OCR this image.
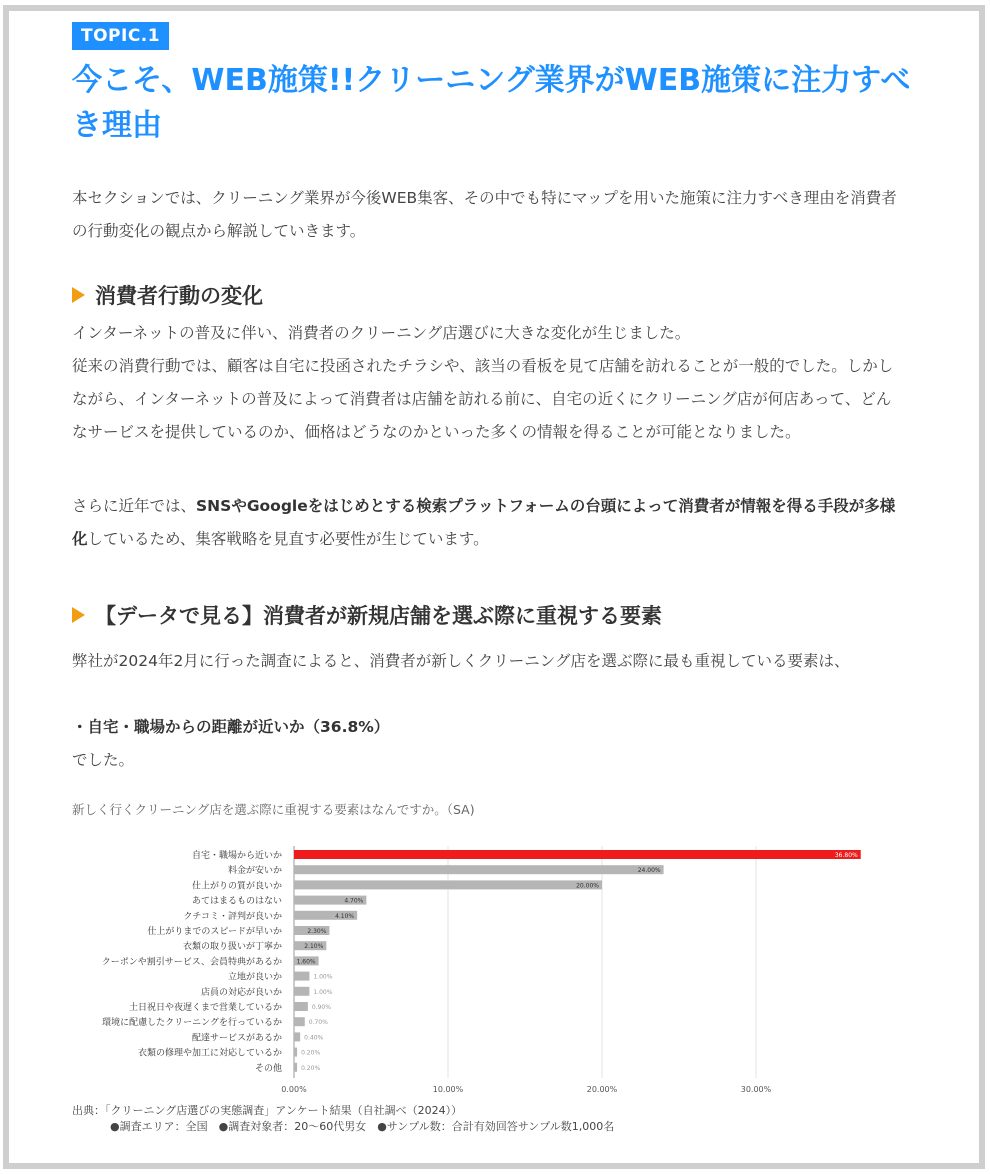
TOPIC.1
今こそ、WEB施策!!クリーニング業界がWEB施策に注力すべき理由

本セクションでは、クリーニング業界が今後WEB集客、その中でも特にマップを用いた施策に注力すべき理由を消費者の行動変化の観点から解説していきます。

消費者行動の変化

インターネットの普及に伴い、消費者のクリーニング店選びに大きな変化が生じました。

従来の消費行動では、顧客は自宅に投函されたチラシや、該当の看板を見て店舗を訪れることが一般的でした。しかしながら、インターネットの普及によって消費者は店舗を訪れる前に、自宅の近くにクリーニング店が何店あって、どんなサービスを提供しているのか、価格はどうなのかといった多くの情報を得ることが可能となりました。

さらに近年では、SNSやGoogleをはじめとする検索プラットフォームの台頭によって消費者が情報を得る手段が多様化しているため、集客戦略を見直す必要性が生じています。

【データで見る】消費者が新規店舗を選ぶ際に重視する要素

弊社が2024年2月に行った調査によると、消費者が新しくクリーニング店を選ぶ際に最も重視している要素は、

・自宅・職場からの距離が近いか（36.8%）

でした。

新しく行くクリーニング店を選ぶ際に重視する要素はなんですか。（SA)
0.00%	10.00%	20.00%	30.00%
自宅・職場から近いか	36.80%
料金が安いか	24.00%
仕上がりの質が良いか	20.00%
あてはまるものはない	4.70%
クチコミ・評判が良いか	4.10%
仕上がりまでのスピードが早いか	2.30%
衣類の取り扱いが丁寧か	2.10%
クーポンや割引サービス、会員特典があるか 1.60%
立地が良いか	1.00%
店員の対応が良いか	1.00%
土日祝日や夜遅くまで営業しているか	0.90%
環境に配慮したクリーニングを行っているか	0.70%
配達サービスがあるか	0.40%
衣類の修理や加工に対応しているか	0.20%
その他	0.20%
出典：「クリーニング店選びの実態調査」アンケート結果（自社調べ（2024））
●調査エリア：全国　●調査対象者：20〜60代男女　●サンプル数：合計有効回答サンプル数1,000名
